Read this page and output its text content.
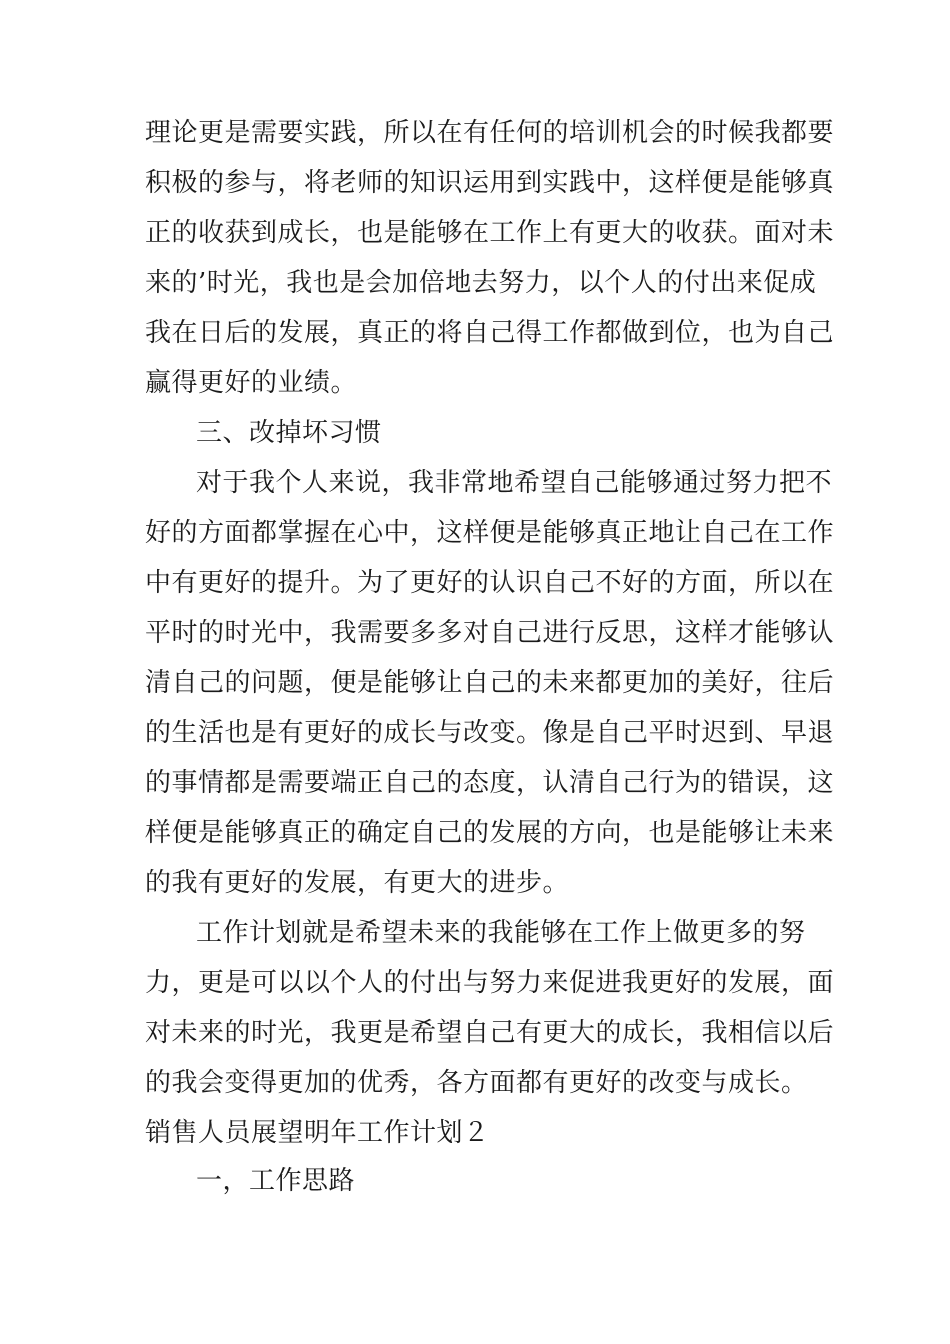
理论更是需要实践，所以在有任何的培训机会的时候我都要
积极的参与，将老师的知识运用到实践中，这样便是能够真
正的收获到成长，也是能够在工作上有更大的收获。面对未
来的’时光，我也是会加倍地去努力，以个人的付出来促成
我在日后的发展，真正的将自己得工作都做到位，也为自己
赢得更好的业绩。
三、改掉坏习惯
对于我个人来说，我非常地希望自己能够通过努力把不
好的方面都掌握在心中，这样便是能够真正地让自己在工作
中有更好的提升。为了更好的认识自己不好的方面，所以在
平时的时光中，我需要多多对自己进行反思，这样才能够认
清自己的问题，便是能够让自己的未来都更加的美好，往后
的生活也是有更好的成长与改变。像是自己平时迟到、早退
的事情都是需要端正自己的态度，认清自己行为的错误，这
样便是能够真正的确定自己的发展的方向，也是能够让未来
的我有更好的发展，有更大的进步。
工作计划就是希望未来的我能够在工作上做更多的努
力，更是可以以个人的付出与努力来促进我更好的发展，面
对未来的时光，我更是希望自己有更大的成长，我相信以后
的我会变得更加的优秀，各方面都有更好的改变与成长。
销售人员展望明年工作计划２
一，工作思路
